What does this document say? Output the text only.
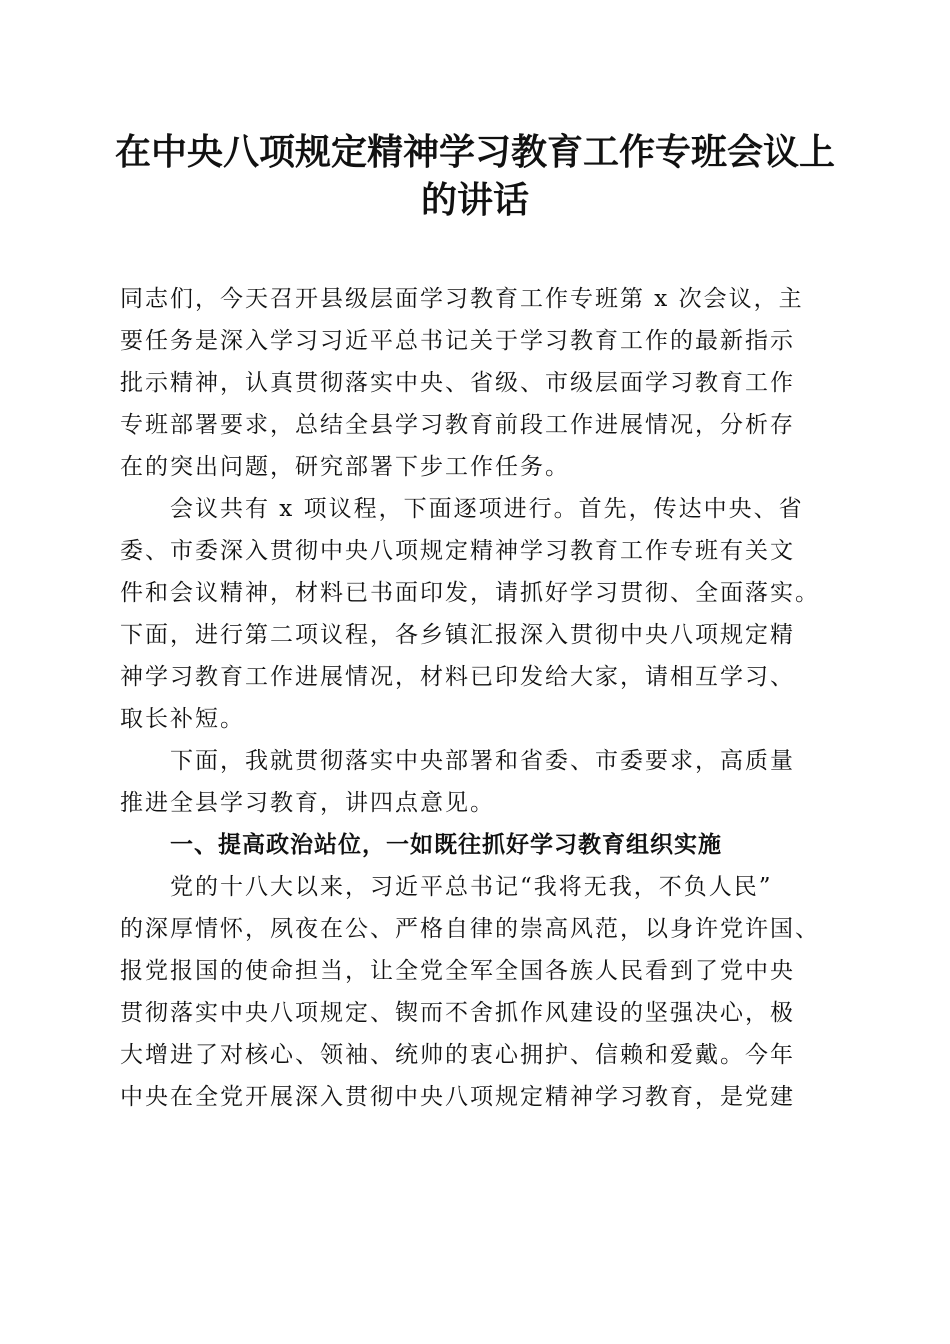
在中央八项规定精神学习教育工作专班会议上
的讲话
同志们，今天召开县级层面学习教育工作专班第 x 次会议，主
要任务是深入学习习近平总书记关于学习教育工作的最新指示
批示精神，认真贯彻落实中央、省级、市级层面学习教育工作
专班部署要求，总结全县学习教育前段工作进展情况，分析存
在的突出问题，研究部署下步工作任务。
会议共有 x 项议程，下面逐项进行。首先，传达中央、省
委、市委深入贯彻中央八项规定精神学习教育工作专班有关文
件和会议精神，材料已书面印发，请抓好学习贯彻、全面落实。
下面，进行第二项议程，各乡镇汇报深入贯彻中央八项规定精
神学习教育工作进展情况，材料已印发给大家，请相互学习、
取长补短。
下面，我就贯彻落实中央部署和省委、市委要求，高质量
推进全县学习教育，讲四点意见。
一、提高政治站位，一如既往抓好学习教育组织实施
党的十八大以来，习近平总书记“我将无我，不负人民”
的深厚情怀，夙夜在公、严格自律的崇高风范，以身许党许国、
报党报国的使命担当，让全党全军全国各族人民看到了党中央
贯彻落实中央八项规定、锲而不舍抓作风建设的坚强决心，极
大增进了对核心、领袖、统帅的衷心拥护、信赖和爱戴。今年
中央在全党开展深入贯彻中央八项规定精神学习教育，是党建
